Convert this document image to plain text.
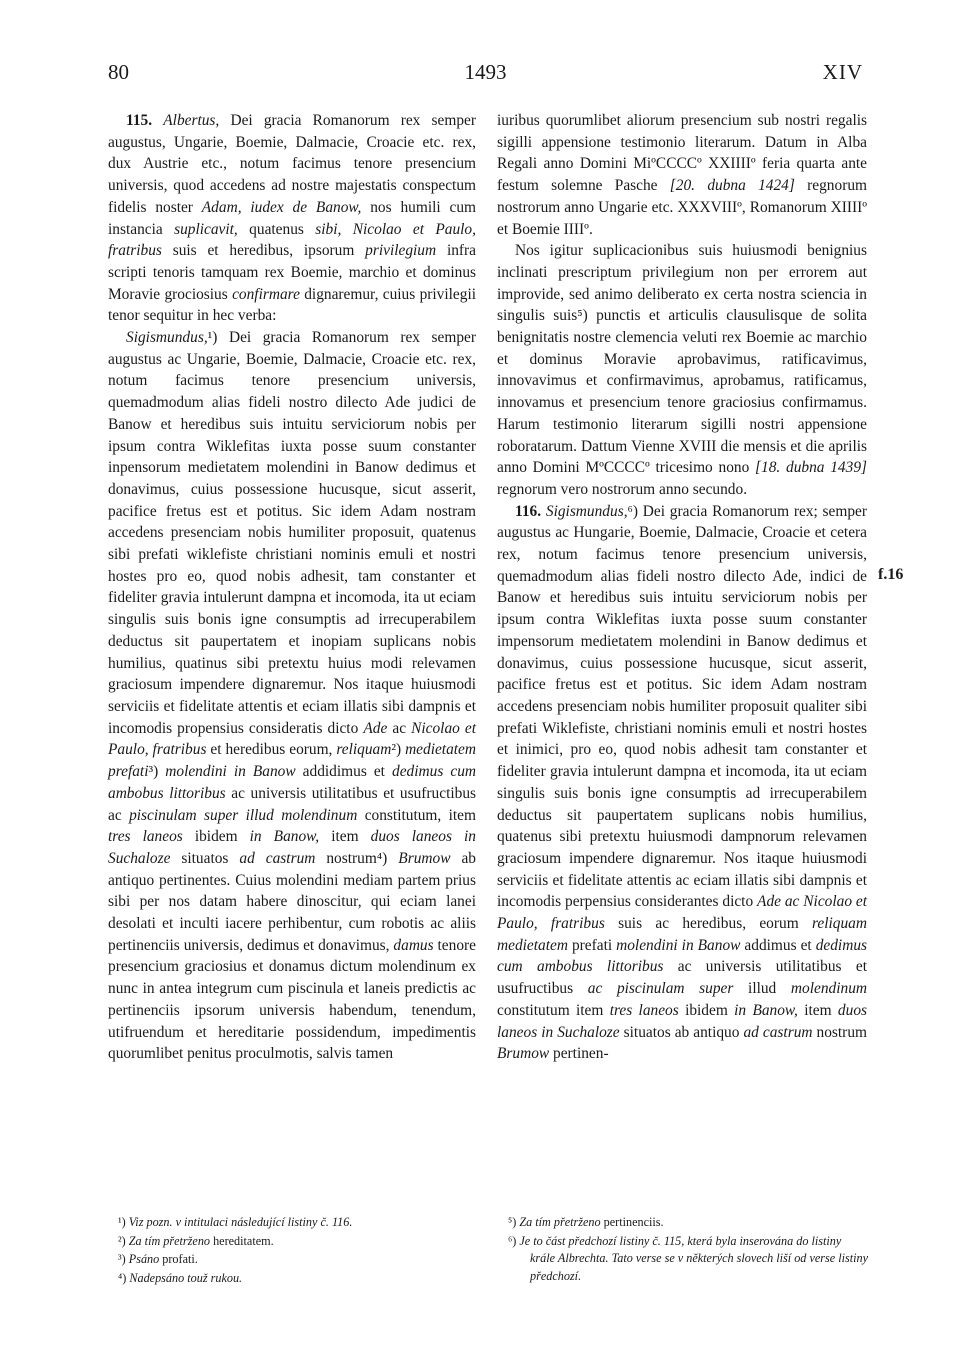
80	1493	XIV
f.16

115. Albertus, Dei gracia Romanorum rex semper augustus, Ungarie, Boemie, Dalmacie, Croacie etc. rex, dux Austrie etc., notum facimus tenore presencium universis, quod accedens ad nostre majestatis conspectum fidelis noster Adam, iudex de Banow, nos humili cum instancia suplicavit, quatenus sibi, Nicolao et Paulo, fratribus suis et heredibus, ipsorum privilegium infra scripti tenoris tamquam rex Boemie, marchio et dominus Moravie grociosius confirmare dignaremur, cuius privilegii tenor sequitur in hec verba:

Sigismundus,¹) Dei gracia Romanorum rex semper augustus ac Ungarie, Boemie, Dalmacie, Croacie etc. rex, notum facimus tenore presencium universis, quemadmodum alias fideli nostro dilecto Ade judici de Banow et heredibus suis intuitu serviciorum nobis per ipsum contra Wiklefitas iuxta posse suum constanter inpensorum medietatem molendini in Banow dedimus et donavimus, cuius possessione hucusque, sicut asserit, pacifice fretus est et potitus. Sic idem Adam nostram accedens presenciam nobis humiliter proposuit, quatenus sibi prefati wiklefiste christiani nominis emuli et nostri hostes pro eo, quod nobis adhesit, tam constanter et fideliter gravia intulerunt dampna et incomoda, ita ut eciam singulis suis bonis igne consumptis ad irrecuperabilem deductus sit paupertatem et inopiam suplicans nobis humilius, quatinus sibi pretextu huius modi relevamen graciosum impendere dignaremur. Nos itaque huiusmodi serviciis et fidelitate attentis et eciam illatis sibi dampnis et incomodis propensius consideratis dicto Ade ac Nicolao et Paulo, fratribus et heredibus eorum, reliquam²) medietatem prefati³) molendini in Banow addidimus et dedimus cum ambobus littoribus ac universis utilitatibus et usufructibus ac piscinulam super illud molendinum constitutum, item tres laneos ibidem in Banow, item duos laneos in Suchaloze situatos ad castrum nostrum⁴) Brumow ab antiquo pertinentes. Cuius molendini mediam partem prius sibi per nos datam habere dinoscitur, qui eciam lanei desolati et inculti iacere perhibentur, cum robotis ac aliis pertinenciis universis, dedimus et donavimus, damus tenore presencium graciosius et donamus dictum molendinum ex nunc in antea integrum cum piscinula et laneis predictis ac pertinenciis ipsorum universis habendum, tenendum, utifruendum et hereditarie possidendum, impedimentis quorumlibet penitus proculmotis, salvis tamen

iuribus quorumlibet aliorum presencium sub nostri regalis sigilli appensione testimonio literarum. Datum in Alba Regali anno Domini MiºCCCCº XXIIIIº feria quarta ante festum solemne Pasche [20. dubna 1424] regnorum nostrorum anno Ungarie etc. XXXVIIIº, Romanorum XIIIIº et Boemie IIIIº.

Nos igitur suplicacionibus suis huiusmodi benignius inclinati prescriptum privilegium non per errorem aut improvide, sed animo deliberato ex certa nostra sciencia in singulis suis⁵) punctis et articulis clausulisque de solita benignitatis nostre clemencia veluti rex Boemie ac marchio et dominus Moravie aprobavimus, ratificavimus, innovavimus et confirmavimus, aprobamus, ratificamus, innovamus et presencium tenore graciosius confirmamus. Harum testimonio literarum sigilli nostri appensione roboratarum. Dattum Vienne XVIII die mensis et die aprilis anno Domini MºCCCCº tricesimo nono [18. dubna 1439] regnorum vero nostrorum anno secundo.

116. Sigismundus,⁶) Dei gracia Romanorum rex; semper augustus ac Hungarie, Boemie, Dalmacie, Croacie et cetera rex, notum facimus tenore presencium universis, quemadmodum alias fideli nostro dilecto Ade, indici de Banow et heredibus suis intuitu serviciorum nobis per ipsum contra Wiklefitas iuxta posse suum constanter impensorum medietatem molendini in Banow dedimus et donavimus, cuius possessione hucusque, sicut asserit, pacifice fretus est et potitus. Sic idem Adam nostram accedens presenciam nobis humiliter proposuit qualiter sibi prefati Wiklefiste, christiani nominis emuli et nostri hostes et inimici, pro eo, quod nobis adhesit tam constanter et fideliter gravia intulerunt dampna et incomoda, ita ut eciam singulis suis bonis igne consumptis ad irrecuperabilem deductus sit paupertatem suplicans nobis humilius, quatenus sibi pretextu huiusmodi dampnorum relevamen graciosum impendere dignaremur. Nos itaque huiusmodi serviciis et fidelitate attentis ac eciam illatis sibi dampnis et incomodis perpensius considerantes dicto Ade ac Nicolao et Paulo, fratribus suis ac heredibus, eorum reliquam medietatem prefati molendini in Banow addimus et dedimus cum ambobus littoribus ac universis utilitatibus et usufructibus ac piscinulam super illud molendinum constitutum item tres laneos ibidem in Banow, item duos laneos in Suchaloze situatos ab antiquo ad castrum nostrum Brumow pertinen-

¹) Viz pozn. v intitulaci následující listiny č. 116.

²) Za tím přetrženo hereditatem.

³) Psáno profati.

⁴) Nadepsáno touž rukou.

⁵) Za tím přetrženo pertinenciis.

⁶) Je to část předchozí listiny č. 115, která byla inserována do listiny krále Albrechta. Tato verse se v některých slovech liší od verse listiny předchozí.
